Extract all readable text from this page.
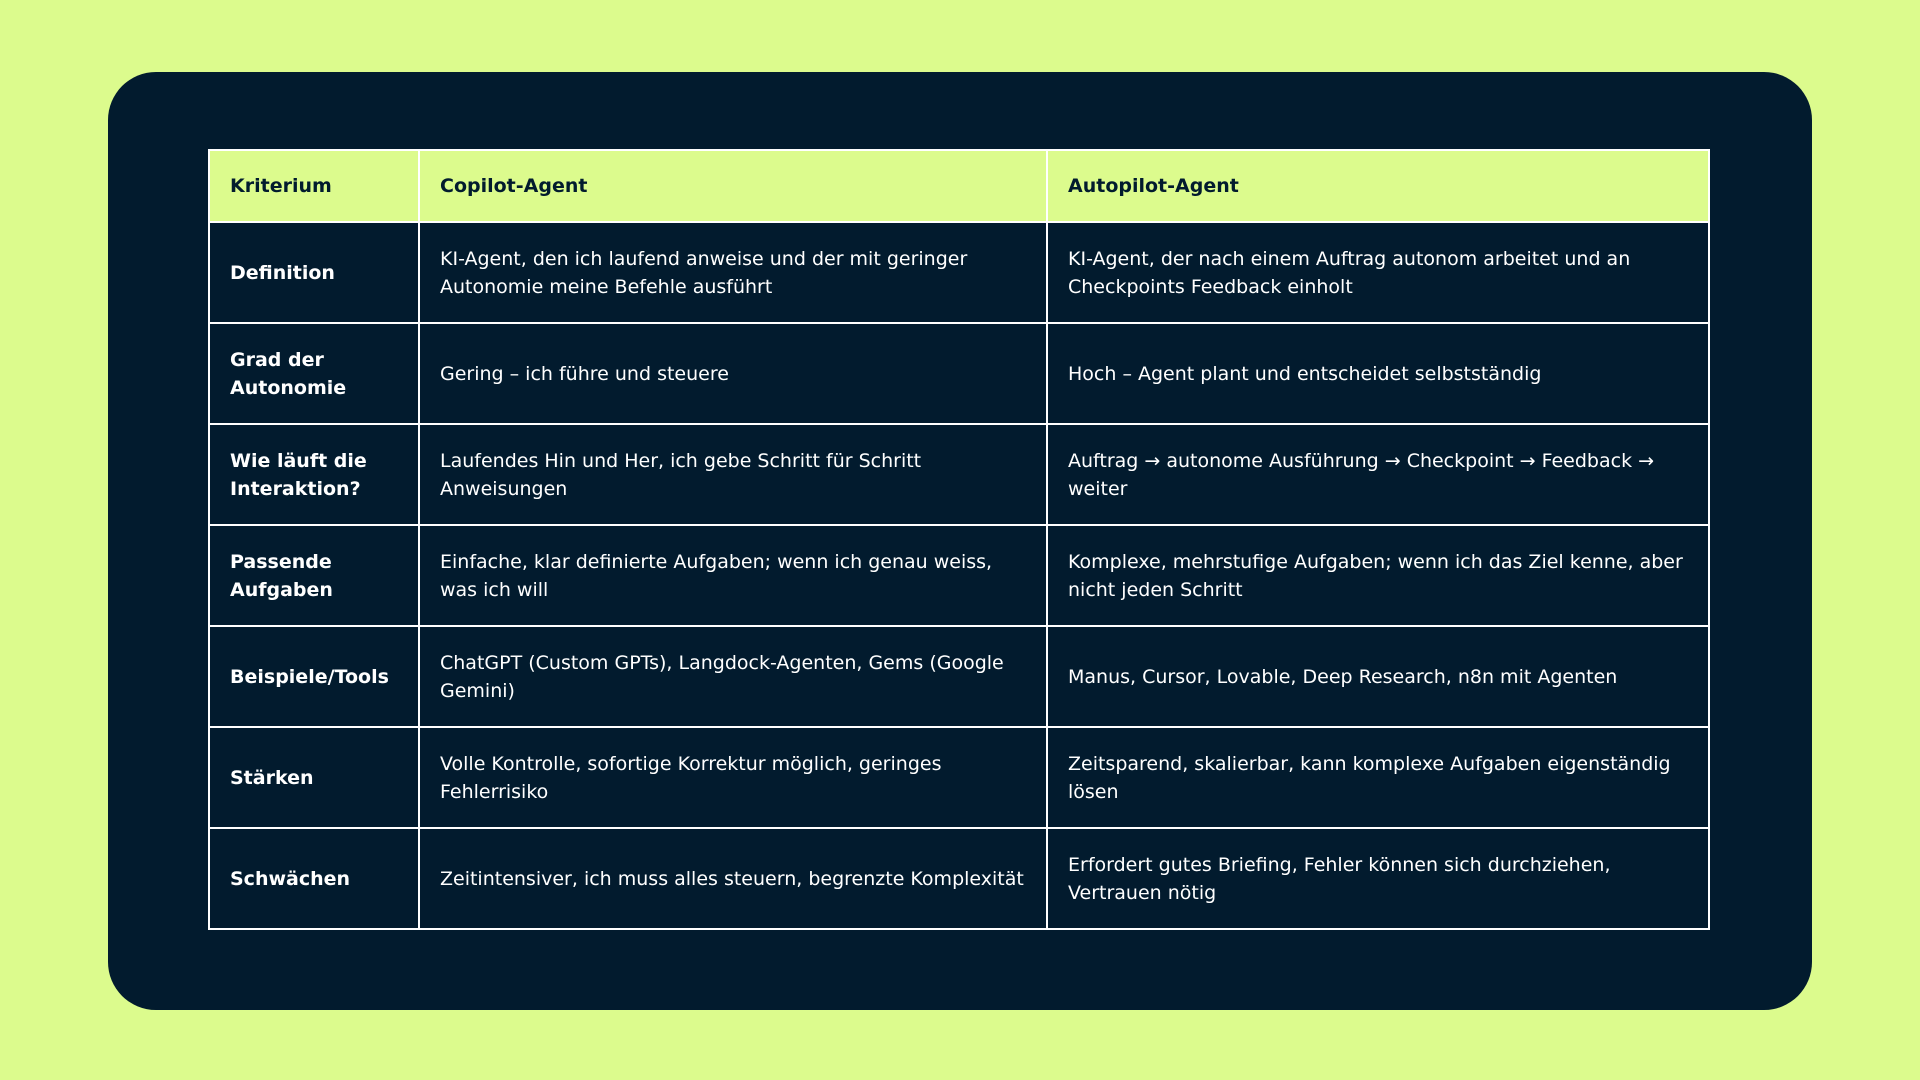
Kriterium	Copilot-Agent	Autopilot-Agent
Definition	KI-Agent, den ich laufend anweise und der mit geringer Autonomie meine Befehle ausführt	KI-Agent, der nach einem Auftrag autonom arbeitet und an Checkpoints Feedback einholt
Grad der Autonomie	Gering – ich führe und steuere	Hoch – Agent plant und entscheidet selbstständig
Wie läuft die Interaktion?	Laufendes Hin und Her, ich gebe Schritt für Schritt Anweisungen	Auftrag → autonome Ausführung → Checkpoint → Feedback → weiter
Passende Aufgaben	Einfache, klar definierte Aufgaben; wenn ich genau weiss, was ich will	Komplexe, mehrstufige Aufgaben; wenn ich das Ziel kenne, aber nicht jeden Schritt
Beispiele/Tools	ChatGPT (Custom GPTs), Langdock-Agenten, Gems (Google Gemini)	Manus, Cursor, Lovable, Deep Research, n8n mit Agenten
Stärken	Volle Kontrolle, sofortige Korrektur möglich, geringes Fehlerrisiko	Zeitsparend, skalierbar, kann komplexe Aufgaben eigenständig lösen
Schwächen	Zeitintensiver, ich muss alles steuern, begrenzte Komplexität	Erfordert gutes Briefing, Fehler können sich durchziehen, Vertrauen nötig
